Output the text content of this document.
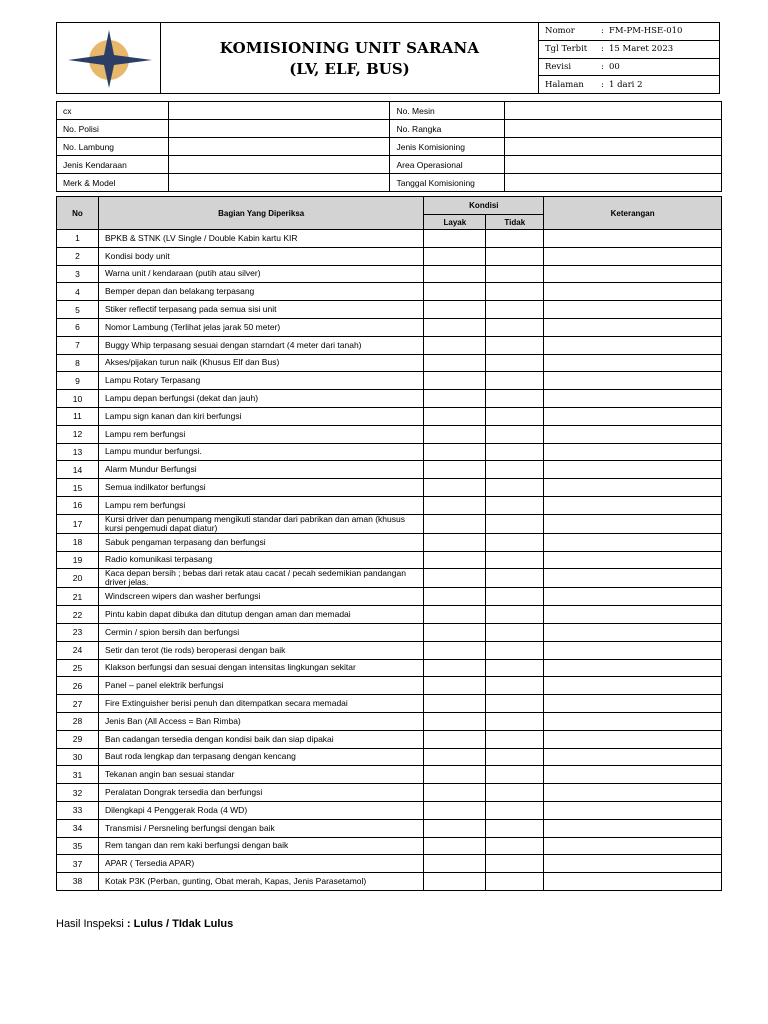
KOMISIONING UNIT SARANA
(LV, ELF, BUS)
Nomor	: FM-PM-HSE-010
Tgl Terbit	: 15 Maret 2023
Revisi	: 00
Halaman	: 1 dari 2
cx		No. Mesin	
No. Polisi		No. Rangka	
No. Lambung		Jenis Komisioning	
Jenis Kendaraan		Area Operasional	
Merk & Model		Tanggal Komisioning	
No	Bagian Yang Diperiksa	Kondisi		Keterangan
		Layak	Tidak	
1	BPKB & STNK (LV Single / Double Kabin kartu KIR			
2	Kondisi body unit			
3	Warna unit / kendaraan (putih atau silver)			
4	Bemper depan dan belakang terpasang			
5	Stiker reflectif terpasang pada semua sisi unit			
6	Nomor Lambung (Terlihat jelas jarak 50 meter)			
7	Buggy Whip terpasang sesuai dengan starndart (4 meter dari tanah)			
8	Akses/pijakan turun naik (Khusus Elf dan Bus)			
9	Lampu Rotary Terpasang			
10	Lampu depan berfungsi (dekat dan jauh)			
11	Lampu sign kanan dan kiri berfungsi			
12	Lampu rem berfungsi			
13	Lampu mundur berfungsi.			
14	Alarm Mundur Berfungsi			
15	Semua indilkator berfungsi			
16	Lampu rem berfungsi			
17	Kursi driver dan penumpang mengikuti standar dari pabrikan dan aman (khusus kursi pengemudi dapat diatur)			
18	Sabuk pengaman terpasang dan berfungsi			
19	Radio komunikasi terpasang			
20	Kaca depan bersih ; bebas dari retak atau cacat / pecah sedemikian pandangan driver jelas.			
21	Windscreen wipers dan washer berfungsi			
22	Pintu kabin dapat dibuka dan ditutup dengan aman dan memadai			
23	Cermin / spion bersih dan berfungsi			
24	Setir dan terot (tie rods) beroperasi dengan baik			
25	Klakson berfungsi dan sesuai dengan intensitas lingkungan sekitar			
26	Panel – panel elektrik berfungsi			
27	Fire Extinguisher berisi penuh dan ditempatkan secara memadai			
28	Jenis Ban (All Access = Ban Rimba)			
29	Ban cadangan tersedia dengan kondisi baik dan siap dipakai			
30	Baut roda lengkap dan terpasang dengan kencang			
31	Tekanan angin ban sesuai standar			
32	Peralatan Dongrak tersedia dan berfungsi			
33	Dilengkapi 4 Penggerak Roda (4 WD)			
34	Transmisi / Persneling berfungsi dengan baik			
35	Rem tangan dan rem kaki berfungsi dengan baik			
37	APAR ( Tersedia APAR)			
38	Kotak P3K (Perban, gunting, Obat merah, Kapas, Jenis Parasetamol)			
Hasil Inspeksi : Lulus / TIdak Lulus
